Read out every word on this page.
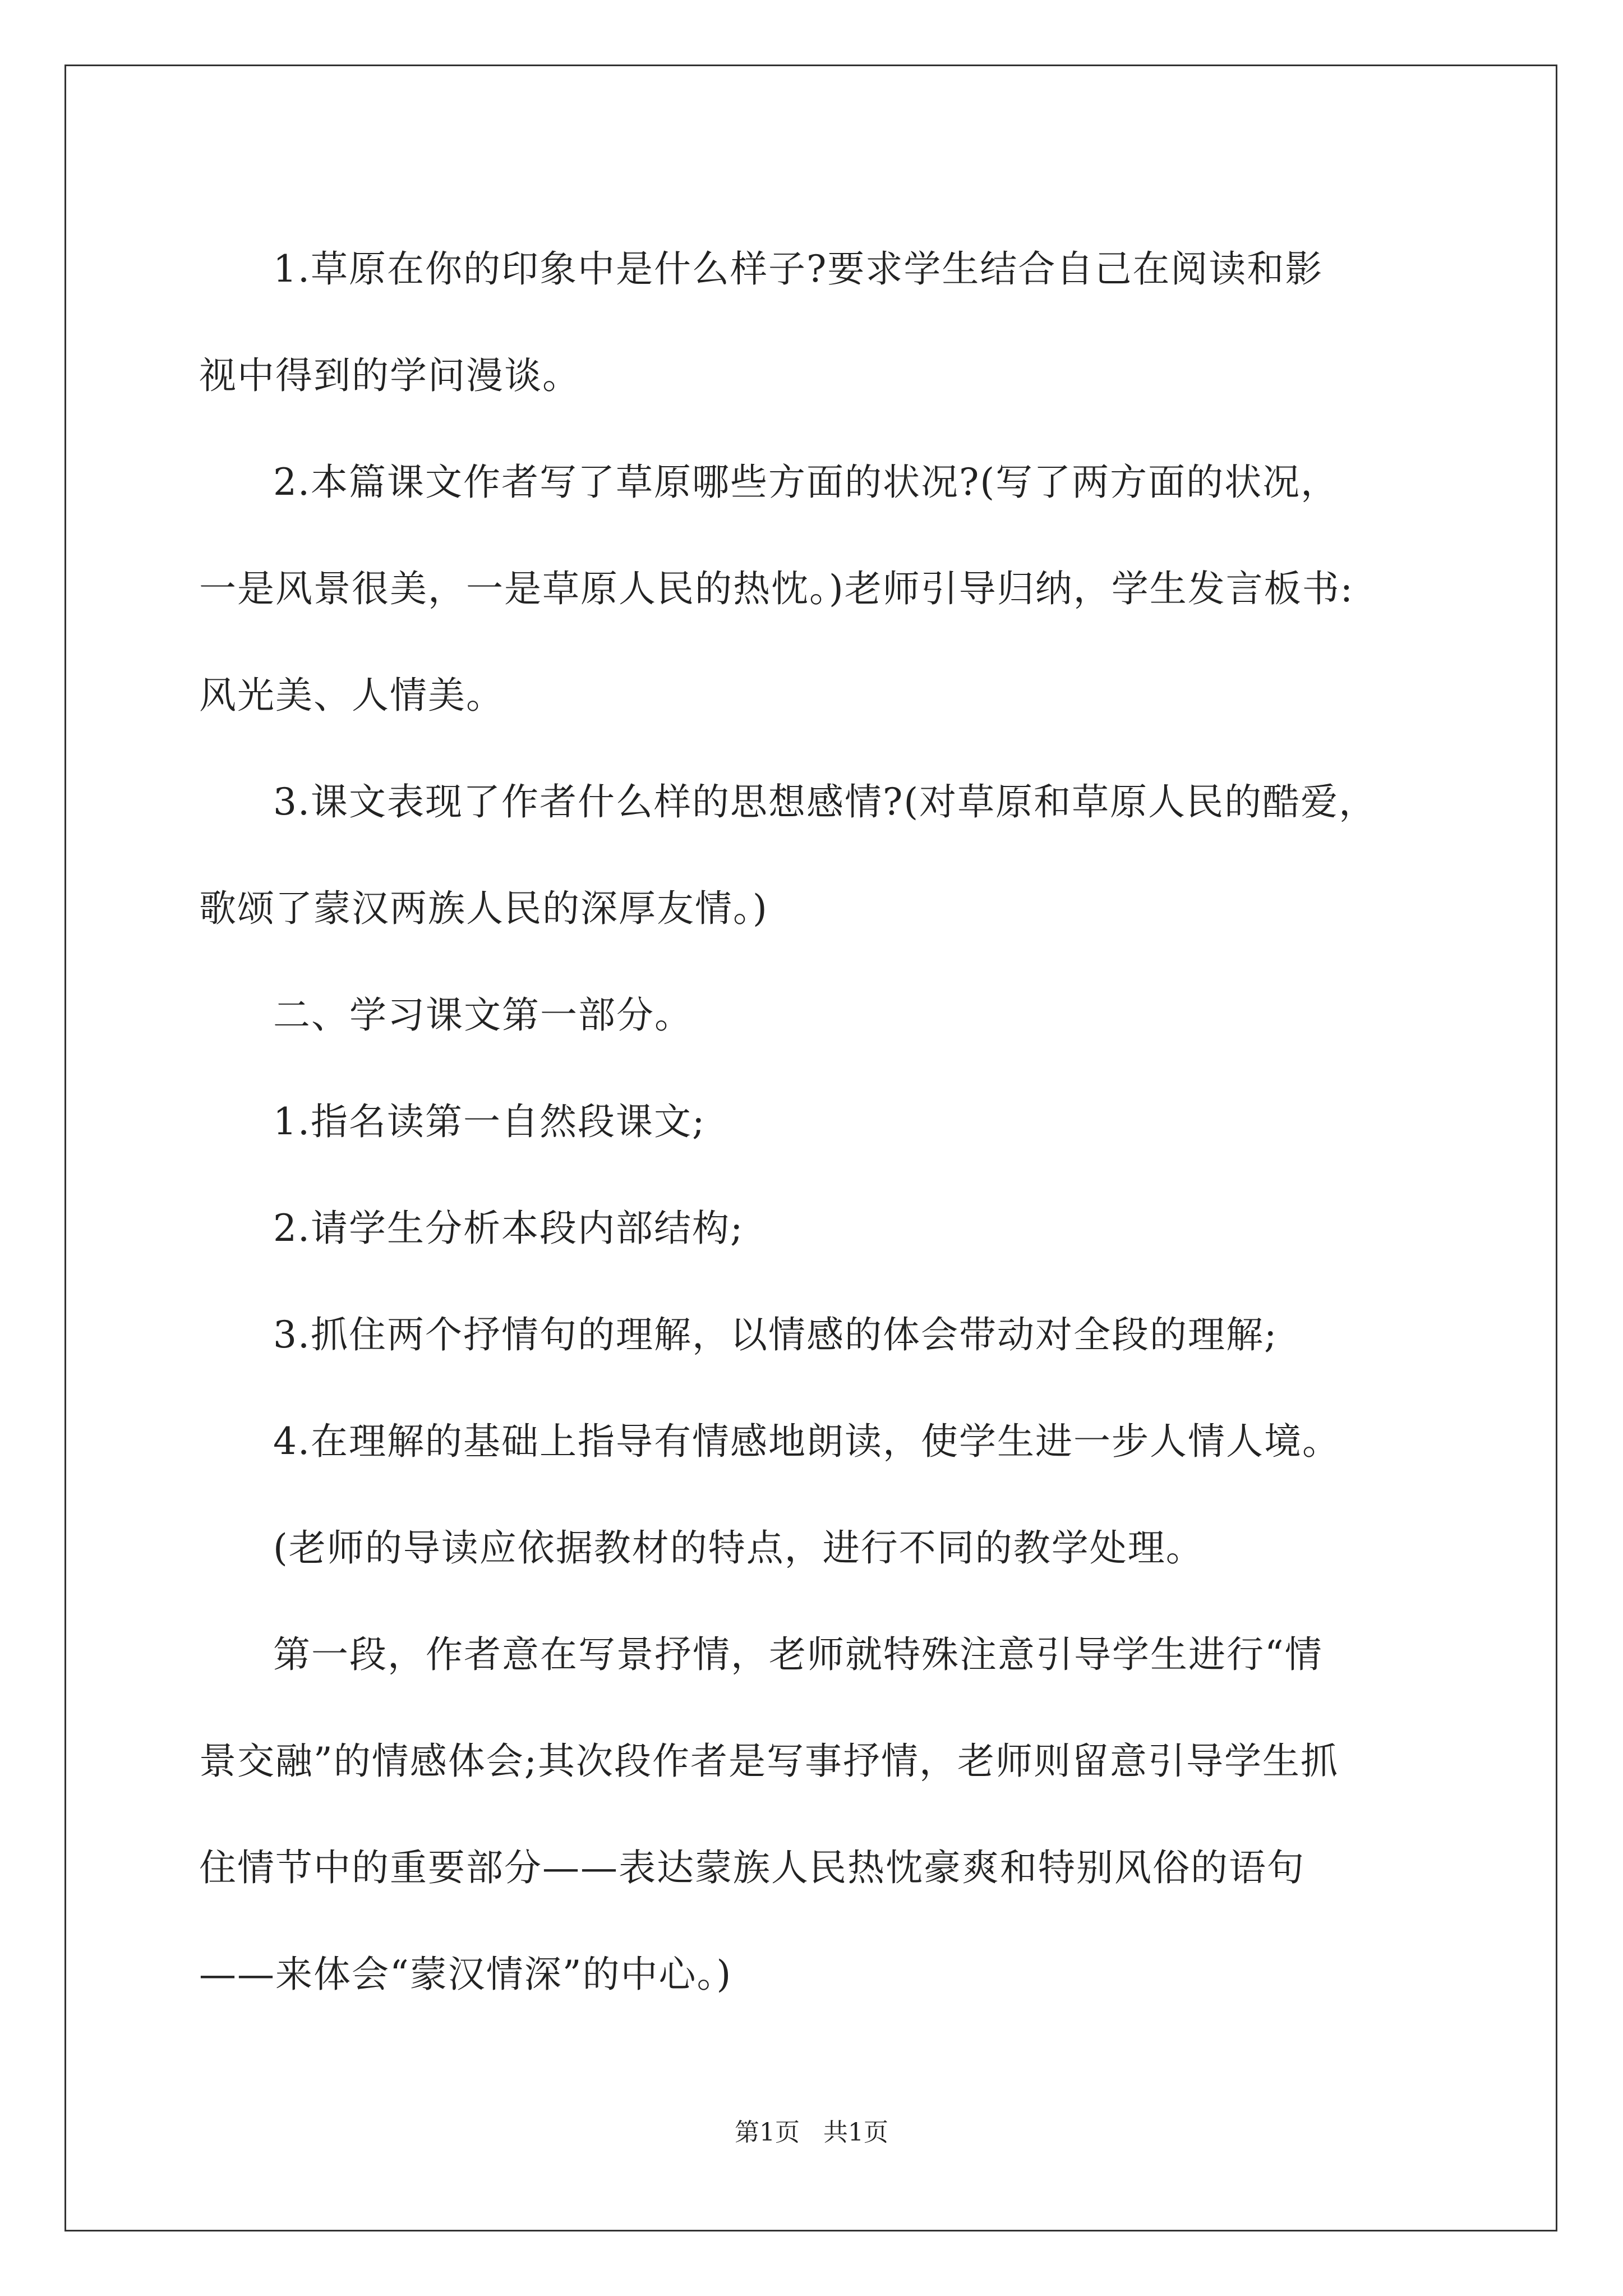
1.草原在你的印象中是什么样子?要求学生结合自己在阅读和影

视中得到的学问漫谈。

2.本篇课文作者写了草原哪些方面的状况?(写了两方面的状况，

一是风景很美，一是草原人民的热忱。)老师引导归纳，学生发言板书:

风光美、人情美。

3.课文表现了作者什么样的思想感情?(对草原和草原人民的酷爱，

歌颂了蒙汉两族人民的深厚友情。)

二、学习课文第一部分。

1.指名读第一自然段课文;

2.请学生分析本段内部结构;

3.抓住两个抒情句的理解，以情感的体会带动对全段的理解;

4.在理解的基础上指导有情感地朗读，使学生进一步人情人境。

(老师的导读应依据教材的特点，进行不同的教学处理。

第一段，作者意在写景抒情，老师就特殊注意引导学生进行“情

景交融”的情感体会;其次段作者是写事抒情，老师则留意引导学生抓

住情节中的重要部分——表达蒙族人民热忱豪爽和特别风俗的语句

——来体会“蒙汉情深”的中心。)

第1页 共1页
